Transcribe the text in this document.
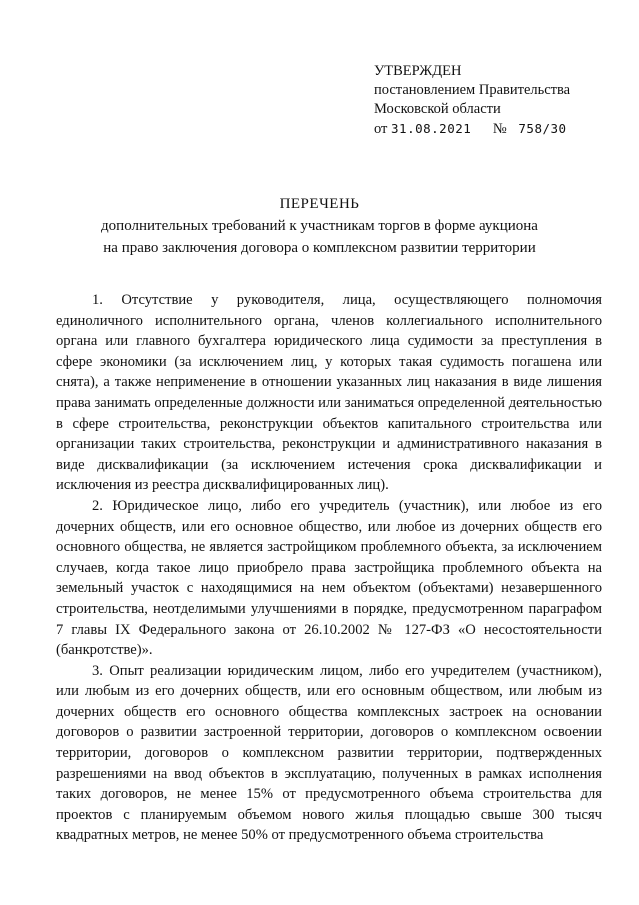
УТВЕРЖДЕН
постановлением Правительства
Московской области
от 31.08.2021 № 758/30
ПЕРЕЧЕНЬ
дополнительных требований к участникам торгов в форме аукциона
на право заключения договора о комплексном развитии территории

1. Отсутствие у руководителя, лица, осуществляющего полномочия единоличного исполнительного органа, членов коллегиального исполнительного органа или главного бухгалтера юридического лица судимости за преступления в сфере экономики (за исключением лиц, у которых такая судимость погашена или снята), а также неприменение в отношении указанных лиц наказания в виде лишения права занимать определенные должности или заниматься определенной деятельностью в сфере строительства, реконструкции объектов капитального строительства или организации таких строительства, реконструкции и административного наказания в виде дисквалификации (за исключением истечения срока дисквалификации и исключения из реестра дисквалифицированных лиц).

2. Юридическое лицо, либо его учредитель (участник), или любое из его дочерних обществ, или его основное общество, или любое из дочерних обществ его основного общества, не является застройщиком проблемного объекта, за исключением случаев, когда такое лицо приобрело права застройщика проблемного объекта на земельный участок с находящимися на нем объектом (объектами) незавершенного строительства, неотделимыми улучшениями в порядке, предусмотренном параграфом 7 главы IX Федерального закона от 26.10.2002 № 127-ФЗ «О несостоятельности (банкротстве)».

3. Опыт реализации юридическим лицом, либо его учредителем (участником), или любым из его дочерних обществ, или его основным обществом, или любым из дочерних обществ его основного общества комплексных застроек на основании договоров о развитии застроенной территории, договоров о комплексном освоении территории, договоров о комплексном развитии территории, подтвержденных разрешениями на ввод объектов в эксплуатацию, полученных в рамках исполнения таких договоров, не менее 15% от предусмотренного объема строительства для проектов с планируемым объемом нового жилья площадью свыше 300 тысяч квадратных метров, не менее 50% от предусмотренного объема строительства
